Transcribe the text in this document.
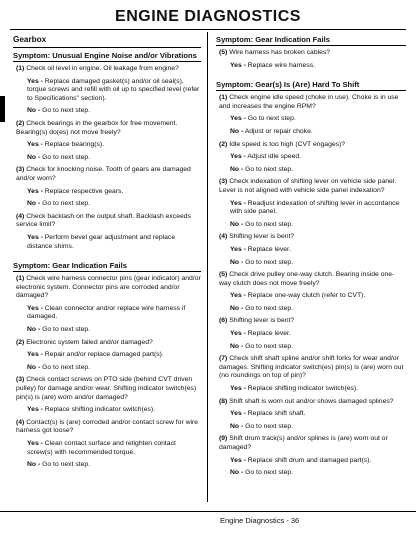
ENGINE DIAGNOSTICS
Gearbox
Symptom: Unusual Engine Noise and/or Vibrations
(1) Check oil level in engine. Oil leakage from engine?
Yes - Replace damaged gasket(s) and/or oil seal(s), torque screws and refill with oil up to specified level (refer to Specifications" section).
No - Go to next step.
(2) Check bearings in the gearbox for free movement. Bearing(s) do(es) not move freely?
Yes - Replace bearing(s).
No - Go to next step.
(3) Check for knocking noise. Tooth of gears are damaged and/or worn?
Yes - Replace respective gears.
No - Go to next step.
(4) Check backlash on the output shaft. Backlash exceeds service limit?
Yes - Perform bevel gear adjustment and replace distance shims.
Symptom: Gear Indication Fails
(1) Check wire harness connector pins (gear indicator) and/or electronic system. Connector pins are corroded and/or damaged?
Yes - Clean connector and/or replace wire harness if damaged.
No - Go to next step.
(2) Electronic system failed and/or damaged?
Yes - Repair and/or replace damaged part(s).
No - Go to next step.
(3) Check contact screws on PTO side (behind CVT driven pulley) for damage and/or wear. Shifting indicator switch(es) pin(s) is (are) worn and/or damaged?
Yes - Replace shifting indicator switch(es).
(4) Contact(s) is (are) corroded and/or contact screw for wire harness got loose?
Yes - Clean contact surface and retighten contact screw(s) with recommended torque.
No - Go to next step.
Symptom: Gear Indication Fails
(5) Wire harness has broken cables?
Yes - Replace wire harness.
Symptom: Gear(s) Is (Are) Hard To Shift
(1) Check engine idle speed (choke in use). Choke is in use and increases the engine RPM?
Yes - Go to next step.
No - Adjust or repair choke.
(2) Idle speed is too high (CVT engages)?
Yes - Adjust idle speed.
No - Go to next step.
(3) Check indexation of shifting lever on vehicle side panel. Lever is not aligned with vehicle side panel indexation?
Yes - Readjust indexation of shifting lever in accordance with side panel.
No - Go to next step.
(4) Shifting lever is bent?
Yes - Replace lever.
No - Go to next step.
(5) Check drive pulley one-way clutch. Bearing inside one-way clutch does not move freely?
Yes - Replace one-way clutch (refer to CVT).
No - Go to next step.
(6) Shifting lever is bent?
Yes - Replace lever.
No - Go to next step.
(7) Check shift shaft spline and/or shift forks for wear and/or damages. Shifting indicator switch(es) pin(s) is (are) worn out (no roundings on top of pin)?
Yes - Replace shifting indicator switch(es).
(8) Shift shaft is worn out and/or shows damaged splines?
Yes - Replace shift shaft.
No - Go to next step.
(9) Shift drum track(s) and/or splines is (are) worn out or damaged?
Yes - Replace shift drum and damaged part(s).
No - Go to next step.
Engine Diagnostics - 36
